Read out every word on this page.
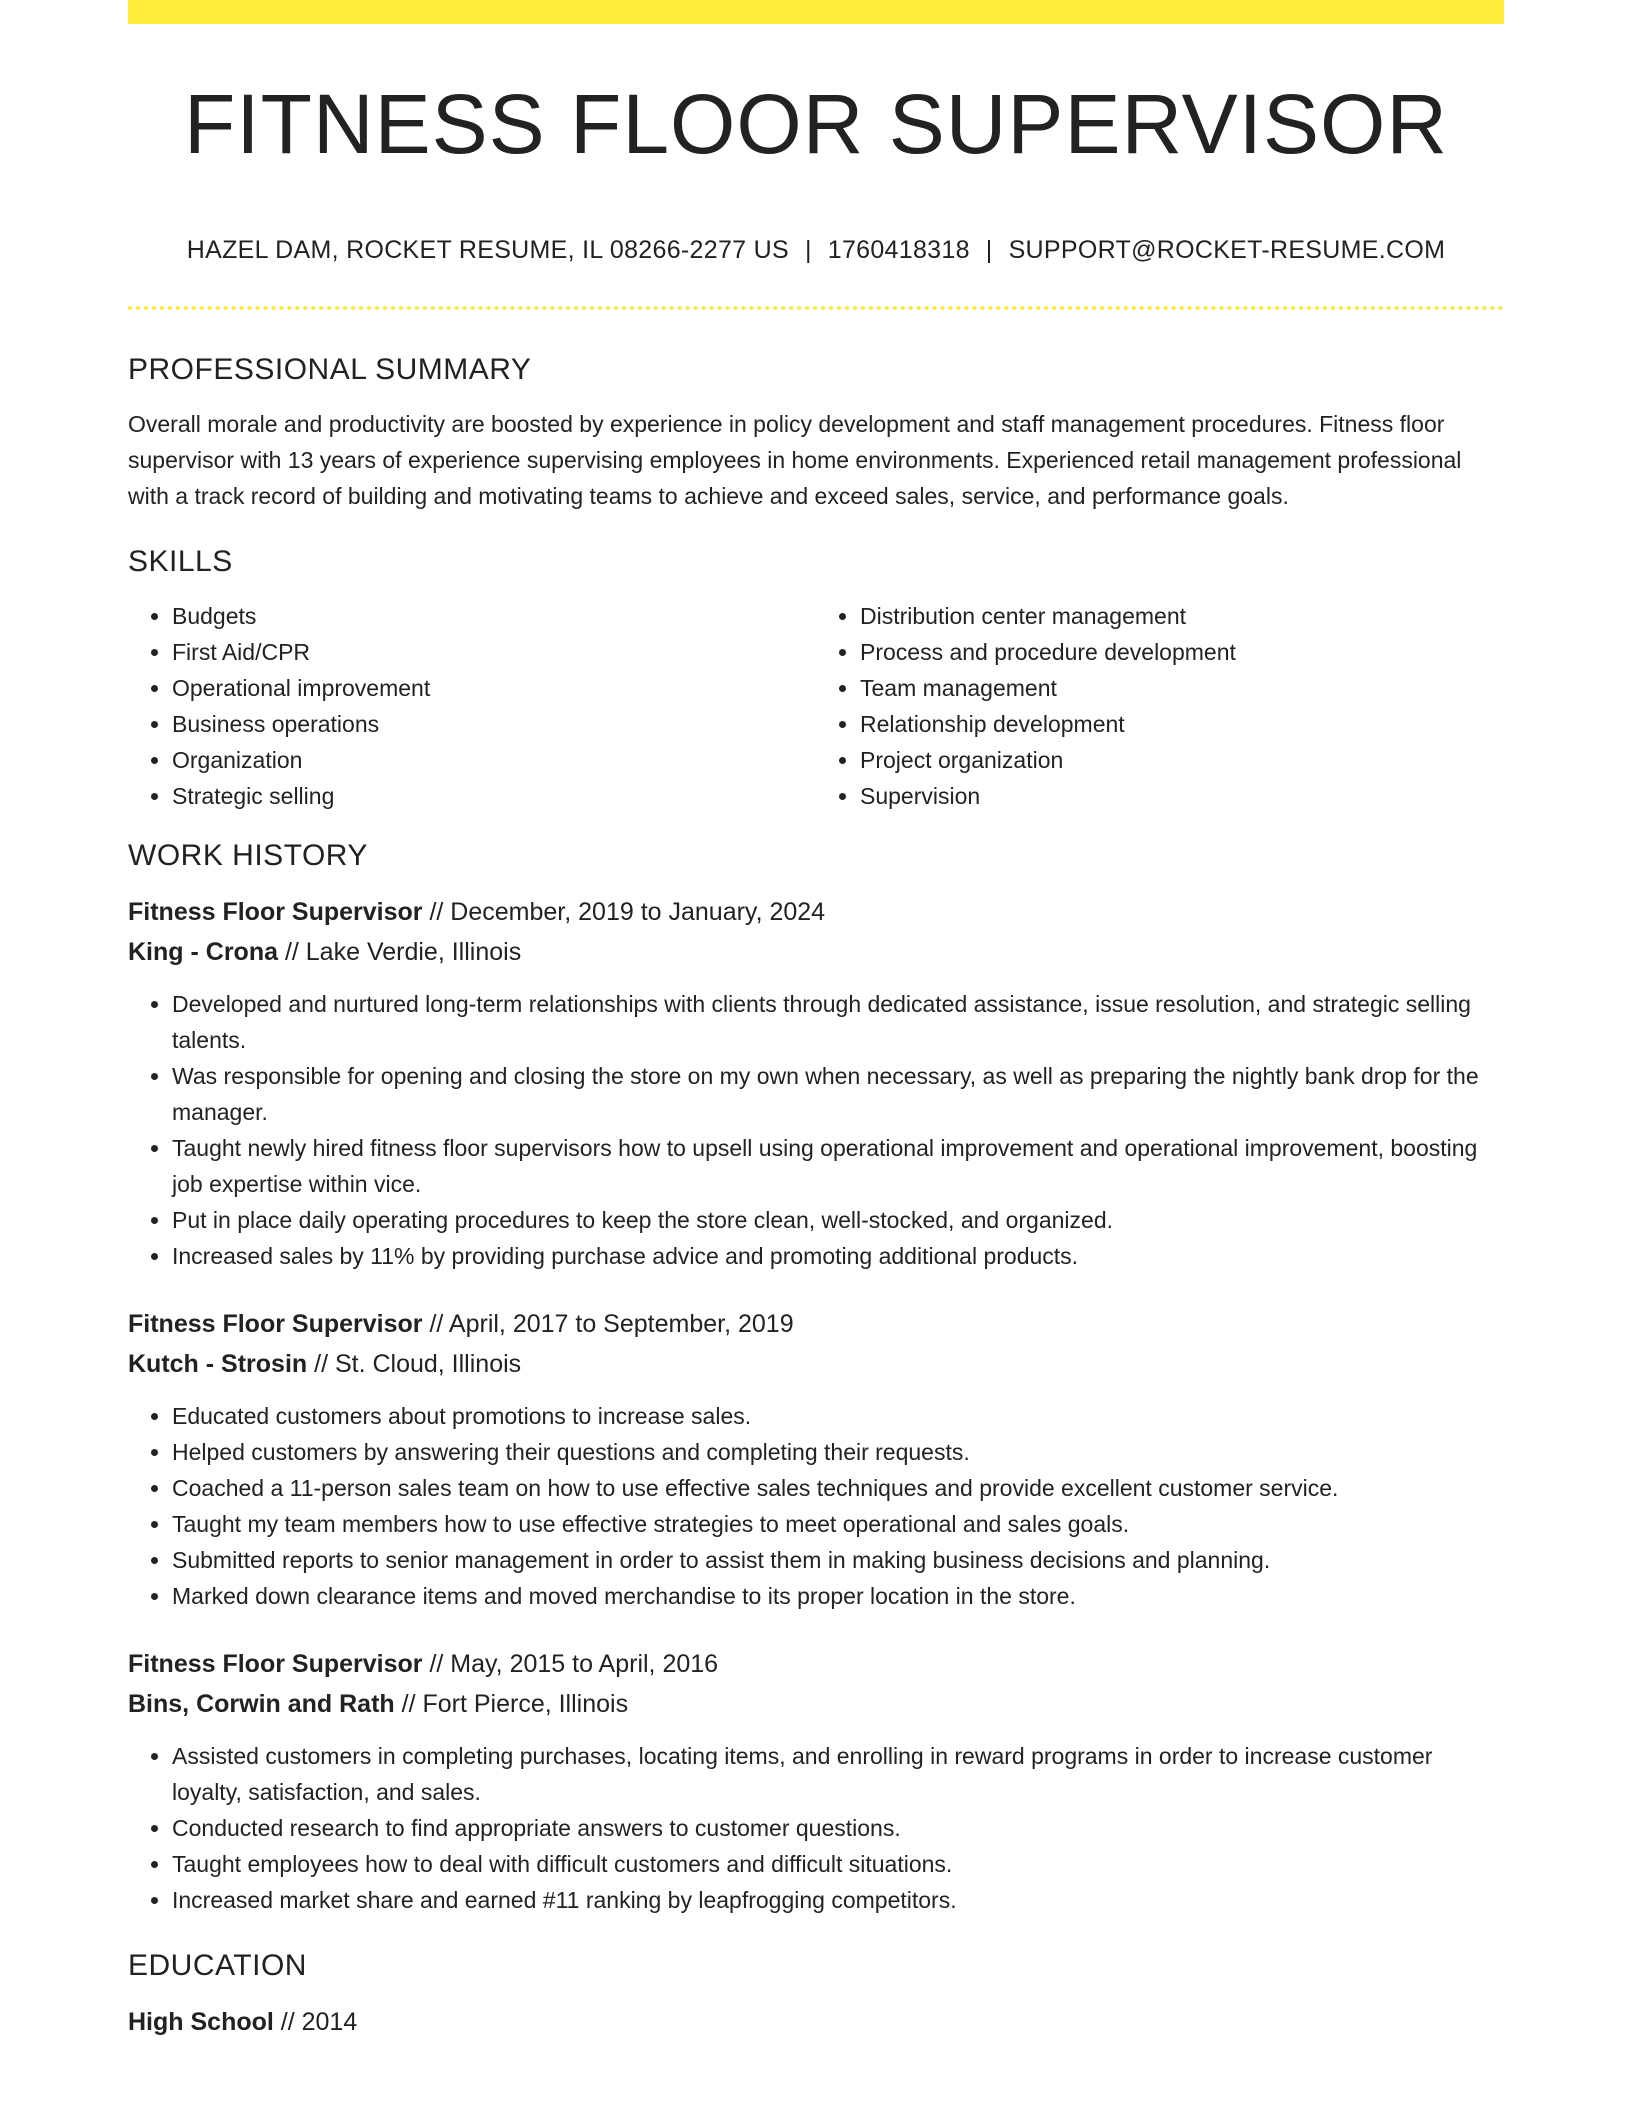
FITNESS FLOOR SUPERVISOR
HAZEL DAM, ROCKET RESUME, IL 08266-2277 US | 1760418318 | SUPPORT@ROCKET-RESUME.COM
PROFESSIONAL SUMMARY

Overall morale and productivity are boosted by experience in policy development and staff management procedures. Fitness floor supervisor with 13 years of experience supervising employees in home environments. Experienced retail management professional with a track record of building and motivating teams to achieve and exceed sales, service, and performance goals.

SKILLS
• Budgets
• First Aid/CPR
• Operational improvement
• Business operations
• Organization
• Strategic selling
• Distribution center management
• Process and procedure development
• Team management
• Relationship development
• Project organization
• Supervision
WORK HISTORY
Fitness Floor Supervisor // December, 2019 to January, 2024
King - Crona // Lake Verdie, Illinois
• Developed and nurtured long-term relationships with clients through dedicated assistance, issue resolution, and strategic selling talents.
• Was responsible for opening and closing the store on my own when necessary, as well as preparing the nightly bank drop for the manager.
• Taught newly hired fitness floor supervisors how to upsell using operational improvement and operational improvement, boosting job expertise within vice.
• Put in place daily operating procedures to keep the store clean, well-stocked, and organized.
• Increased sales by 11% by providing purchase advice and promoting additional products.
Fitness Floor Supervisor // April, 2017 to September, 2019
Kutch - Strosin // St. Cloud, Illinois
• Educated customers about promotions to increase sales.
• Helped customers by answering their questions and completing their requests.
• Coached a 11-person sales team on how to use effective sales techniques and provide excellent customer service.
• Taught my team members how to use effective strategies to meet operational and sales goals.
• Submitted reports to senior management in order to assist them in making business decisions and planning.
• Marked down clearance items and moved merchandise to its proper location in the store.
Fitness Floor Supervisor // May, 2015 to April, 2016
Bins, Corwin and Rath // Fort Pierce, Illinois
• Assisted customers in completing purchases, locating items, and enrolling in reward programs in order to increase customer loyalty, satisfaction, and sales.
• Conducted research to find appropriate answers to customer questions.
• Taught employees how to deal with difficult customers and difficult situations.
• Increased market share and earned #11 ranking by leapfrogging competitors.
EDUCATION
High School // 2014
